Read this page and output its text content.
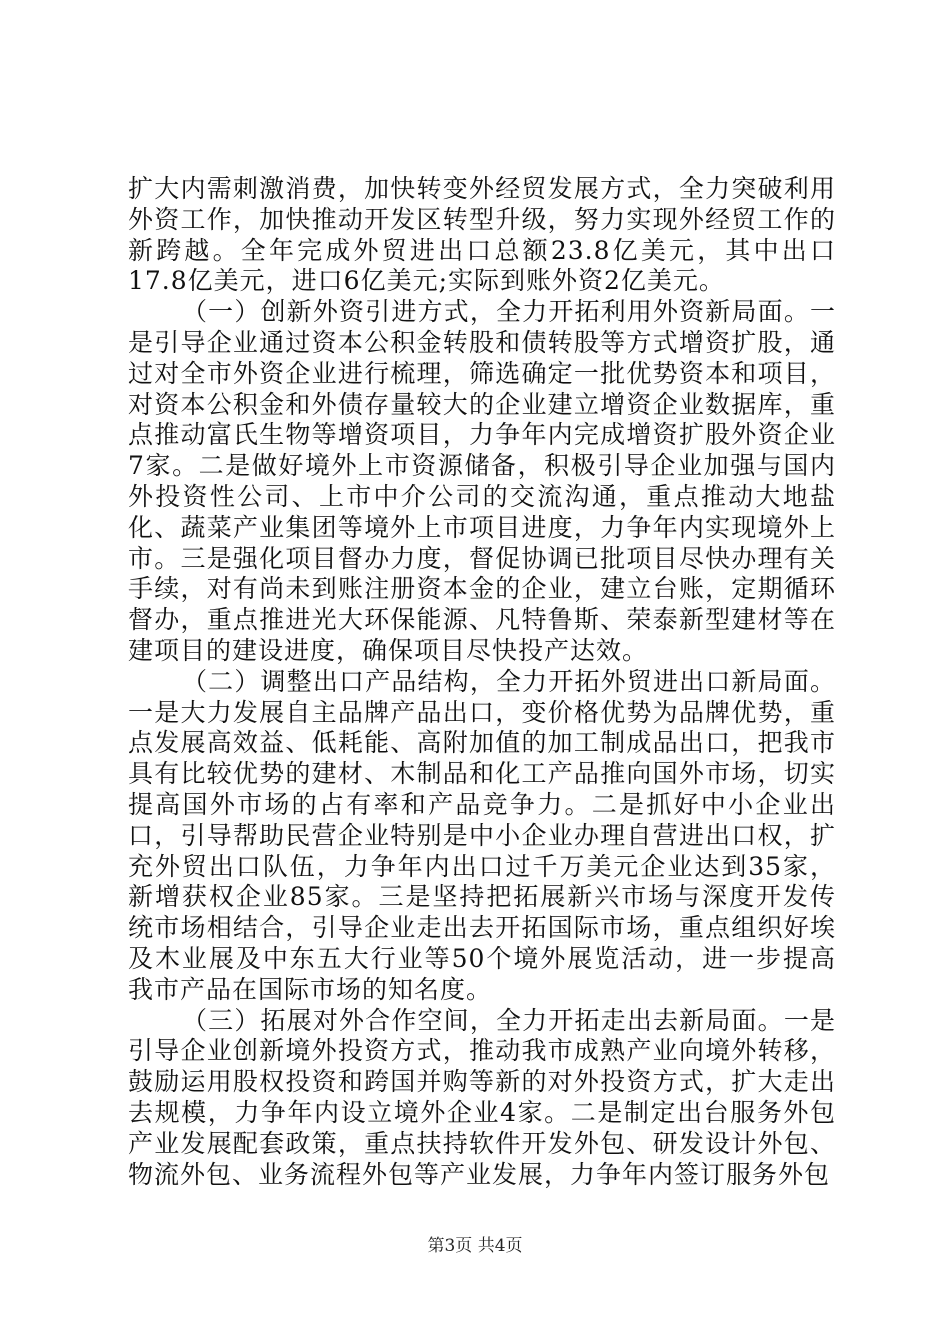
扩大内需刺激消费，加快转变外经贸发展方式，全力突破利用外资工作，加快推动开发区转型升级，努力实现外经贸工作的新跨越。全年完成外贸进出口总额23.8亿美元，其中出口17.8亿美元，进口6亿美元;实际到账外资2亿美元。

（一）创新外资引进方式，全力开拓利用外资新局面。一是引导企业通过资本公积金转股和债转股等方式增资扩股，通过对全市外资企业进行梳理，筛选确定一批优势资本和项目，对资本公积金和外债存量较大的企业建立增资企业数据库，重点推动富氏生物等增资项目，力争年内完成增资扩股外资企业7家。二是做好境外上市资源储备，积极引导企业加强与国内外投资性公司、上市中介公司的交流沟通，重点推动大地盐化、蔬菜产业集团等境外上市项目进度，力争年内实现境外上市。三是强化项目督办力度，督促协调已批项目尽快办理有关手续，对有尚未到账注册资本金的企业，建立台账，定期循环督办，重点推进光大环保能源、凡特鲁斯、荣泰新型建材等在建项目的建设进度，确保项目尽快投产达效。

（二）调整出口产品结构，全力开拓外贸进出口新局面。一是大力发展自主品牌产品出口，变价格优势为品牌优势，重点发展高效益、低耗能、高附加值的加工制成品出口，把我市具有比较优势的建材、木制品和化工产品推向国外市场，切实提高国外市场的占有率和产品竞争力。二是抓好中小企业出口，引导帮助民营企业特别是中小企业办理自营进出口权，扩充外贸出口队伍，力争年内出口过千万美元企业达到35家，新增获权企业85家。三是坚持把拓展新兴市场与深度开发传统市场相结合，引导企业走出去开拓国际市场，重点组织好埃及木业展及中东五大行业等50个境外展览活动，进一步提高我市产品在国际市场的知名度。

（三）拓展对外合作空间，全力开拓走出去新局面。一是引导企业创新境外投资方式，推动我市成熟产业向境外转移，鼓励运用股权投资和跨国并购等新的对外投资方式，扩大走出去规模，力争年内设立境外企业4家。二是制定出台服务外包产业发展配套政策，重点扶持软件开发外包、研发设计外包、物流外包、业务流程外包等产业发展，力争年内签订服务外包

第3页 共4页
